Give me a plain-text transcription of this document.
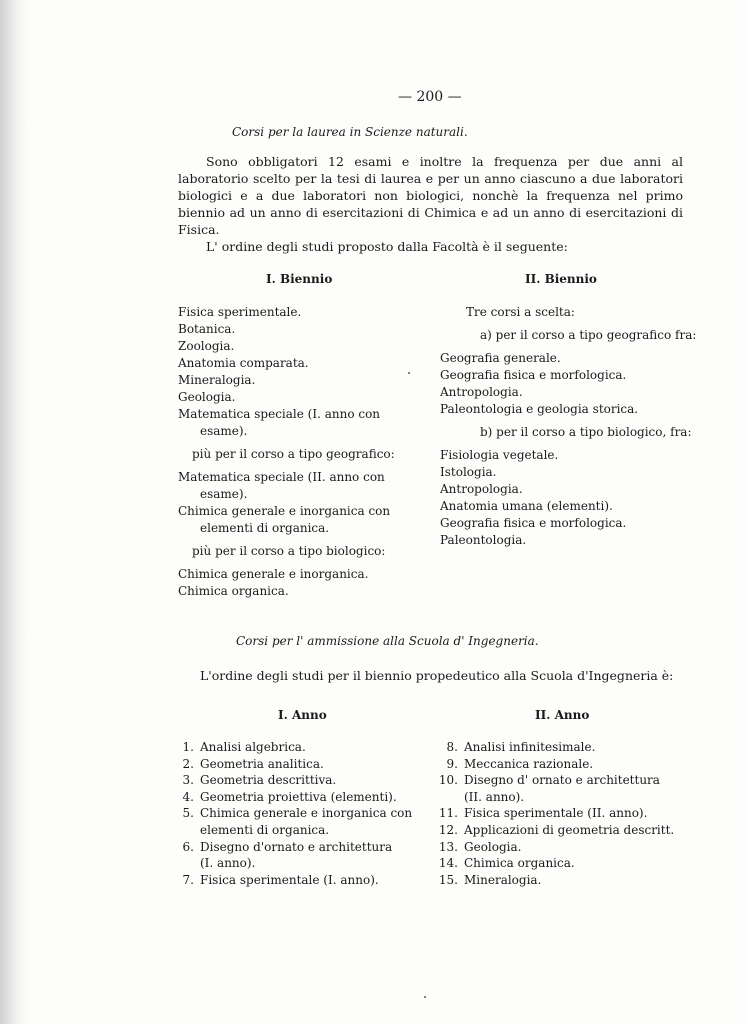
— 200 —
Corsi per la laurea in Scienze naturali.

Sono obbligatori 12 esami e inoltre la frequenza per due anni al laboratorio scelto per la tesi di laurea e per un anno ciascuno a due laboratori biologici e a due laboratori non biologici, nonchè la frequenza nel primo biennio ad un anno di esercitazioni di Chimica e ad un anno di esercitazioni di Fisica.

L' ordine degli studi proposto dalla Facoltà è il seguente:

I. Biennio
Fisica sperimentale.
Botanica.
Zoologia.
Anatomia comparata.
Mineralogia.
Geologia.
Matematica speciale (I. anno con
esame).
più per il corso a tipo geografico:
Matematica speciale (II. anno con
esame).
Chimica generale e inorganica con
elementi di organica.
più per il corso a tipo biologico:
Chimica generale e inorganica.
Chimica organica.
II. Biennio
Tre corsi a scelta:
a) per il corso a tipo geografico fra:
Geografia generale.
Geografia fisica e morfologica.
Antropologia.
Paleontologia e geologia storica.
b) per il corso a tipo biologico, fra:
Fisiologia vegetale.
Istologia.
Antropologia.
Anatomia umana (elementi).
Geografia fisica e morfologica.
Paleontologia.
Corsi per l' ammissione alla Scuola d' Ingegneria.
L'ordine degli studi per il biennio propedeutico alla Scuola d'Ingegneria è:
I. Anno
1. Analisi algebrica.
2. Geometria analitica.
3. Geometria descrittiva.
4. Geometria proiettiva (elementi).
5. Chimica generale e inorganica con
elementi di organica.
6. Disegno d'ornato e architettura
(I. anno).
7. Fisica sperimentale (I. anno).
II. Anno
8. Analisi infinitesimale.
9. Meccanica razionale.
10. Disegno d' ornato e architettura
(II. anno).
11. Fisica sperimentale (II. anno).
12. Applicazioni di geometria descritt.
13. Geologia.
14. Chimica organica.
15. Mineralogia.
